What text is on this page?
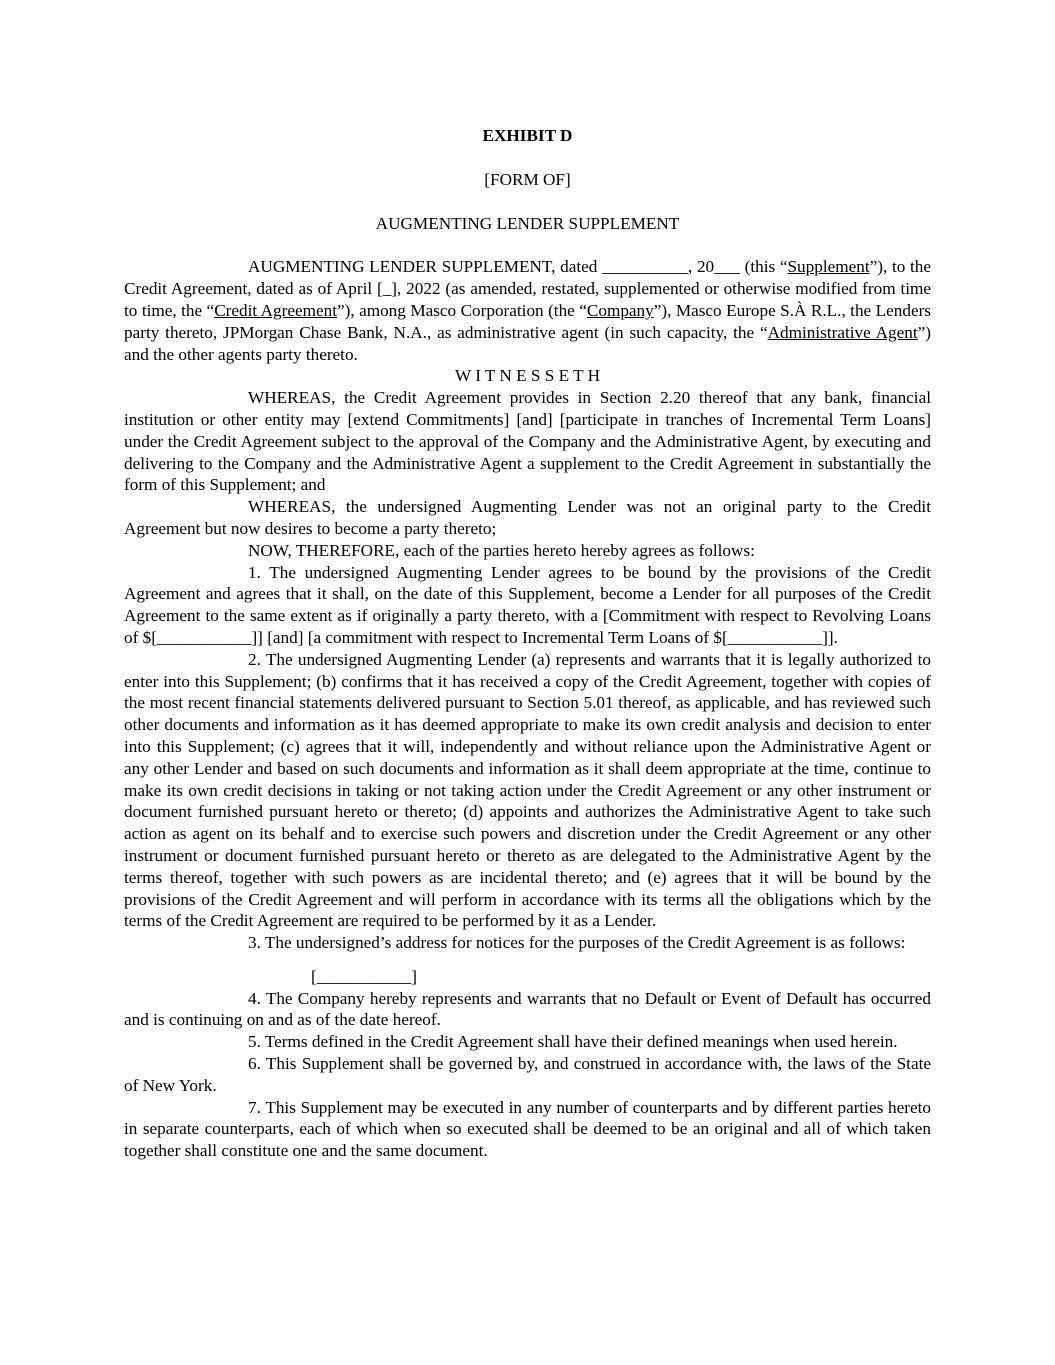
EXHIBIT D

[FORM OF]

AUGMENTING LENDER SUPPLEMENT

AUGMENTING LENDER SUPPLEMENT, dated __________, 20___ (this “Supplement”), to the Credit Agreement, dated as of April [_], 2022 (as amended, restated, supplemented or otherwise modified from time to time, the “Credit Agreement”), among Masco Corporation (the “Company”), Masco Europe S.À R.L., the Lenders party thereto, JPMorgan Chase Bank, N.A., as administrative agent (in such capacity, the “Administrative Agent”) and the other agents party thereto.

W I T N E S S E T H

WHEREAS, the Credit Agreement provides in Section 2.20 thereof that any bank, financial institution or other entity may [extend Commitments] [and] [participate in tranches of Incremental Term Loans] under the Credit Agreement subject to the approval of the Company and the Administrative Agent, by executing and delivering to the Company and the Administrative Agent a supplement to the Credit Agreement in substantially the form of this Supplement; and

WHEREAS, the undersigned Augmenting Lender was not an original party to the Credit Agreement but now desires to become a party thereto;

NOW, THEREFORE, each of the parties hereto hereby agrees as follows:

1. The undersigned Augmenting Lender agrees to be bound by the provisions of the Credit Agreement and agrees that it shall, on the date of this Supplement, become a Lender for all purposes of the Credit Agreement to the same extent as if originally a party thereto, with a [Commitment with respect to Revolving Loans of $[___________]] [and] [a commitment with respect to Incremental Term Loans of $[___________]].

2. The undersigned Augmenting Lender (a) represents and warrants that it is legally authorized to enter into this Supplement; (b) confirms that it has received a copy of the Credit Agreement, together with copies of the most recent financial statements delivered pursuant to Section 5.01 thereof, as applicable, and has reviewed such other documents and information as it has deemed appropriate to make its own credit analysis and decision to enter into this Supplement; (c) agrees that it will, independently and without reliance upon the Administrative Agent or any other Lender and based on such documents and information as it shall deem appropriate at the time, continue to make its own credit decisions in taking or not taking action under the Credit Agreement or any other instrument or document furnished pursuant hereto or thereto; (d) appoints and authorizes the Administrative Agent to take such action as agent on its behalf and to exercise such powers and discretion under the Credit Agreement or any other instrument or document furnished pursuant hereto or thereto as are delegated to the Administrative Agent by the terms thereof, together with such powers as are incidental thereto; and (e) agrees that it will be bound by the provisions of the Credit Agreement and will perform in accordance with its terms all the obligations which by the terms of the Credit Agreement are required to be performed by it as a Lender.

3. The undersigned’s address for notices for the purposes of the Credit Agreement is as follows:

[___________]

4. The Company hereby represents and warrants that no Default or Event of Default has occurred and is continuing on and as of the date hereof.

5. Terms defined in the Credit Agreement shall have their defined meanings when used herein.

6. This Supplement shall be governed by, and construed in accordance with, the laws of the State of New York.

7. This Supplement may be executed in any number of counterparts and by different parties hereto in separate counterparts, each of which when so executed shall be deemed to be an original and all of which taken together shall constitute one and the same document.
